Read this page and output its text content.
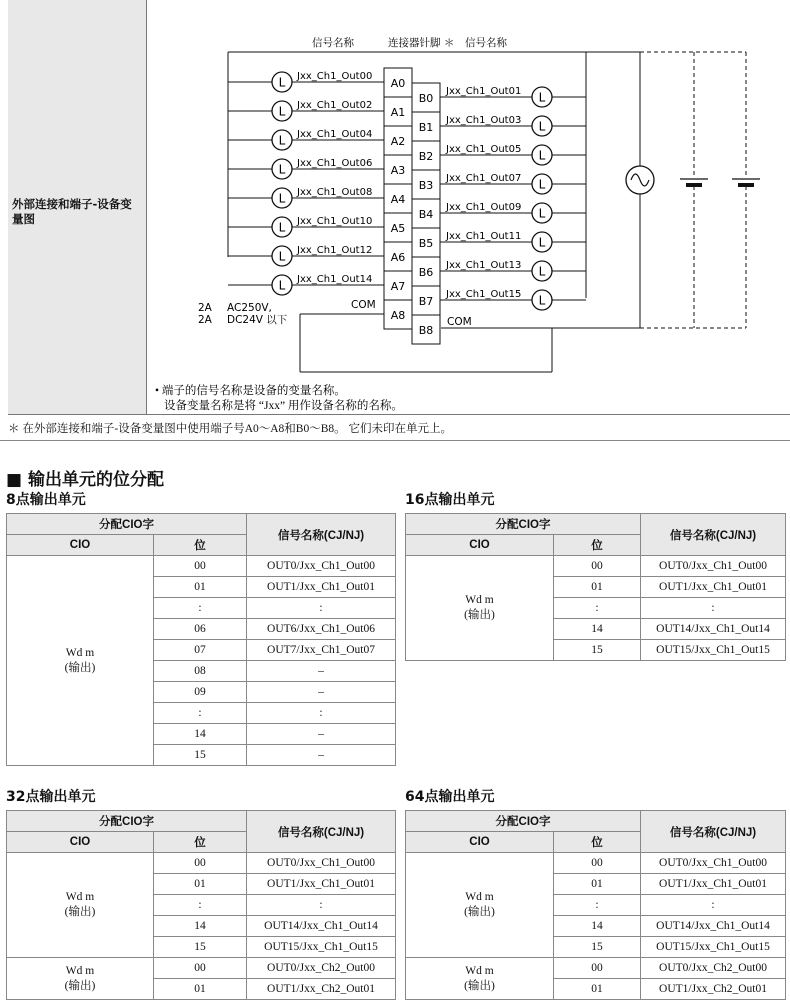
外部连接和端子-设备变量图
A0
A1
A2
A3
A4
A5
A6
A7
A8
B0
B1
B2
B3
B4
B5
B6
B7
B8
L Jxx_Ch1_Out00
L Jxx_Ch1_Out02
L Jxx_Ch1_Out04
L Jxx_Ch1_Out06
L Jxx_Ch1_Out08
L Jxx_Ch1_Out10
L Jxx_Ch1_Out12
L Jxx_Ch1_Out14
L
Jxx_Ch1_Out01
L
Jxx_Ch1_Out03
L
Jxx_Ch1_Out05
L
Jxx_Ch1_Out07
L
Jxx_Ch1_Out09
L
Jxx_Ch1_Out11
L
Jxx_Ch1_Out13
L
Jxx_Ch1_Out15
信号名称	连接器针脚 ＊ 信号名称
COM
COM
2A
2A
AC250V,
DC24V 以下
• 端子的信号名称是设备的变量名称。
设备变量名称是将 “Jxx” 用作设备名称的名称。
＊ 在外部连接和端子-设备变量图中使用端子号A0～A8和B0～B8。 它们未印在单元上。
■ 输出单元的位分配
8点输出单元	16点输出单元
32点输出单元	64点输出单元
分配CIO字		信号名称(CJ/NJ)
CIO	位	

Wd m
(输出)	00	OUT0/Jxx_Ch1_Out00
	01	OUT1/Jxx_Ch1_Out01
	:	:
	06	OUT6/Jxx_Ch1_Out06
	07	OUT7/Jxx_Ch1_Out07
	08	–
	09	–
	:	:
	14	–
	15	–
分配CIO字		信号名称(CJ/NJ)
CIO	位	

Wd m
(输出)	00	OUT0/Jxx_Ch1_Out00
	01	OUT1/Jxx_Ch1_Out01
	:	:
	14	OUT14/Jxx_Ch1_Out14
	15	OUT15/Jxx_Ch1_Out15
分配CIO字		信号名称(CJ/NJ)
CIO	位	

Wd m
(输出)	00	OUT0/Jxx_Ch1_Out00
	01	OUT1/Jxx_Ch1_Out01
	:	:
	14	OUT14/Jxx_Ch1_Out14
	15	OUT15/Jxx_Ch1_Out15

Wd m
(输出)	00	OUT0/Jxx_Ch2_Out00
	01	OUT1/Jxx_Ch2_Out01
分配CIO字		信号名称(CJ/NJ)
CIO	位	

Wd m
(输出)	00	OUT0/Jxx_Ch1_Out00
	01	OUT1/Jxx_Ch1_Out01
	:	:
	14	OUT14/Jxx_Ch1_Out14
	15	OUT15/Jxx_Ch1_Out15

Wd m
(输出)	00	OUT0/Jxx_Ch2_Out00
	01	OUT1/Jxx_Ch2_Out01
